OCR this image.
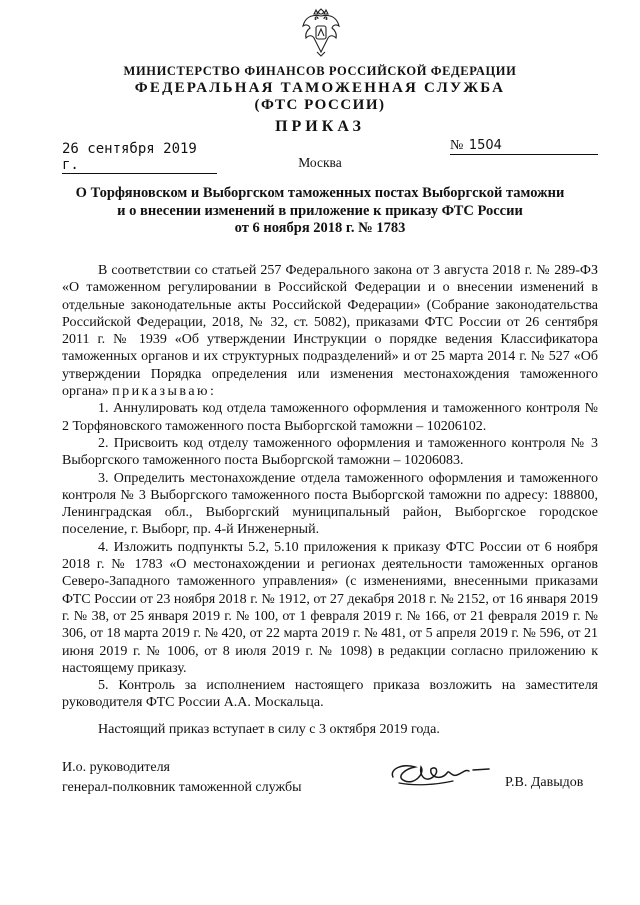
МИНИСТЕРСТВО ФИНАНСОВ РОССИЙСКОЙ ФЕДЕРАЦИИ
ФЕДЕРАЛЬНАЯ ТАМОЖЕННАЯ СЛУЖБА
(ФТС РОССИИ)
ПРИКАЗ
26 сентября 2019 г.
№ 1504
Москва
О Торфяновском и Выборгском таможенных постах Выборгской таможни
и о внесении изменений в приложение к приказу ФТС России
от 6 ноября 2018 г. № 1783

В соответствии со статьей 257 Федерального закона от 3 августа 2018 г. № 289-ФЗ «О таможенном регулировании в Российской Федерации и о внесении изменений в отдельные законодательные акты Российской Федерации» (Собрание законодательства Российской Федерации, 2018, № 32, ст. 5082), приказами ФТС России от 26 сентября 2011 г. № 1939 «Об утверждении Инструкции о порядке ведения Классификатора таможенных органов и их структурных подразделений» и от 25 марта 2014 г. № 527 «Об утверждении Порядка определения или изменения местонахождения таможенного органа» приказываю:

1. Аннулировать код отдела таможенного оформления и таможенного контроля № 2 Торфяновского таможенного поста Выборгской таможни – 10206102.

2. Присвоить код отделу таможенного оформления и таможенного контроля № 3 Выборгского таможенного поста Выборгской таможни – 10206083.

3. Определить местонахождение отдела таможенного оформления и таможенного контроля № 3 Выборгского таможенного поста Выборгской таможни по адресу: 188800, Ленинградская обл., Выборгский муниципальный район, Выборгское городское поселение, г. Выборг, пр. 4-й Инженерный.

4. Изложить подпункты 5.2, 5.10 приложения к приказу ФТС России от 6 ноября 2018 г. № 1783 «О местонахождении и регионах деятельности таможенных органов Северо-Западного таможенного управления» (с изменениями, внесенными приказами ФТС России от 23 ноября 2018 г. № 1912, от 27 декабря 2018 г. № 2152, от 16 января 2019 г. № 38, от 25 января 2019 г. № 100, от 1 февраля 2019 г. № 166, от 21 февраля 2019 г. № 306, от 18 марта 2019 г. № 420, от 22 марта 2019 г. № 481, от 5 апреля 2019 г. № 596, от 21 июня 2019 г. № 1006, от 8 июля 2019 г. № 1098) в редакции согласно приложению к настоящему приказу.

5. Контроль за исполнением настоящего приказа возложить на заместителя руководителя ФТС России А.А. Москальца.

Настоящий приказ вступает в силу с 3 октября 2019 года.
И.о. руководителя
генерал-полковник таможенной службы	Р.В. Давыдов
